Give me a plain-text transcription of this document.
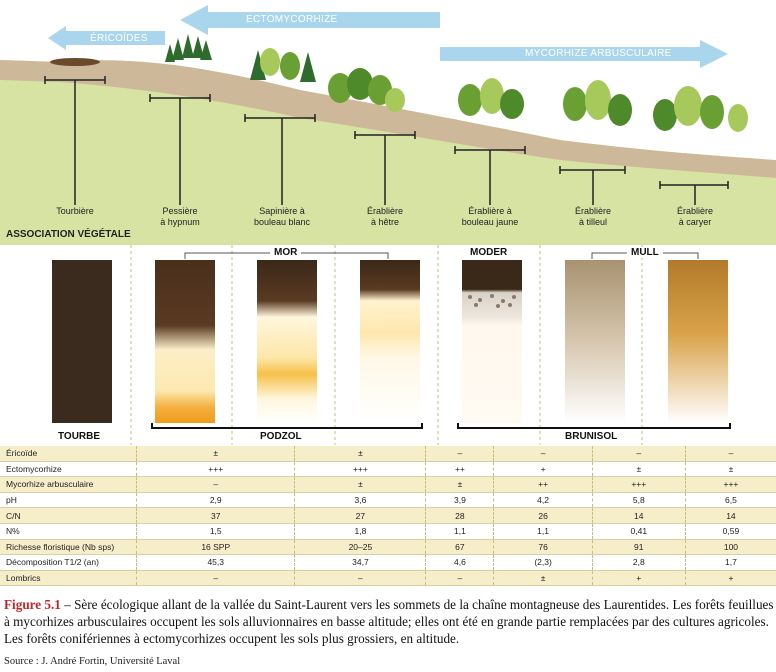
ÉRICOÏDES
ECTOMYCORHIZE
MYCORHIZE ARBUSCULAIRE
Tourbière	Pessière
à hypnum
Sapinière à
bouleau blanc
Érablière
à hêtre
Érablière à
bouleau jaune
Érablière
à tilleul
Érablière
à caryer
ASSOCIATION VÉGÉTALE
MOR	MODER	MULL
TOURBE	PODZOL	BRUNISOL
Éricoïde	±	±	–	–	–	–
Ectomycorhize	+++	+++	++	+	±	±
Mycorhize arbusculaire	–	±	±	++	+++	+++
pH	2,9	3,6	3,9	4,2	5,8	6,5
C/N	37	27	28	26	14	14
N%	1,5	1,8	1,1	1,1	0,41	0,59
Richesse floristique (Nb sps)	16 SPP	20–25	67	76	91	100
Décomposition T1/2 (an)	45,3	34,7	4,6	(2,3)	2,8	1,7
Lombrics	–	–	–	±	+	+
Figure 5.1 – Sère écologique allant de la vallée du Saint-Laurent vers les sommets de la chaîne montagneuse des Laurentides. Les forêts feuillues à mycorhizes arbusculaires occupent les sols alluvionnaires en basse altitude; elles ont été en grande partie remplacées par des cultures agricoles. Les forêts conifériennes à ectomycorhizes occupent les sols plus grossiers, en altitude.
Source : J. André Fortin, Université Laval
